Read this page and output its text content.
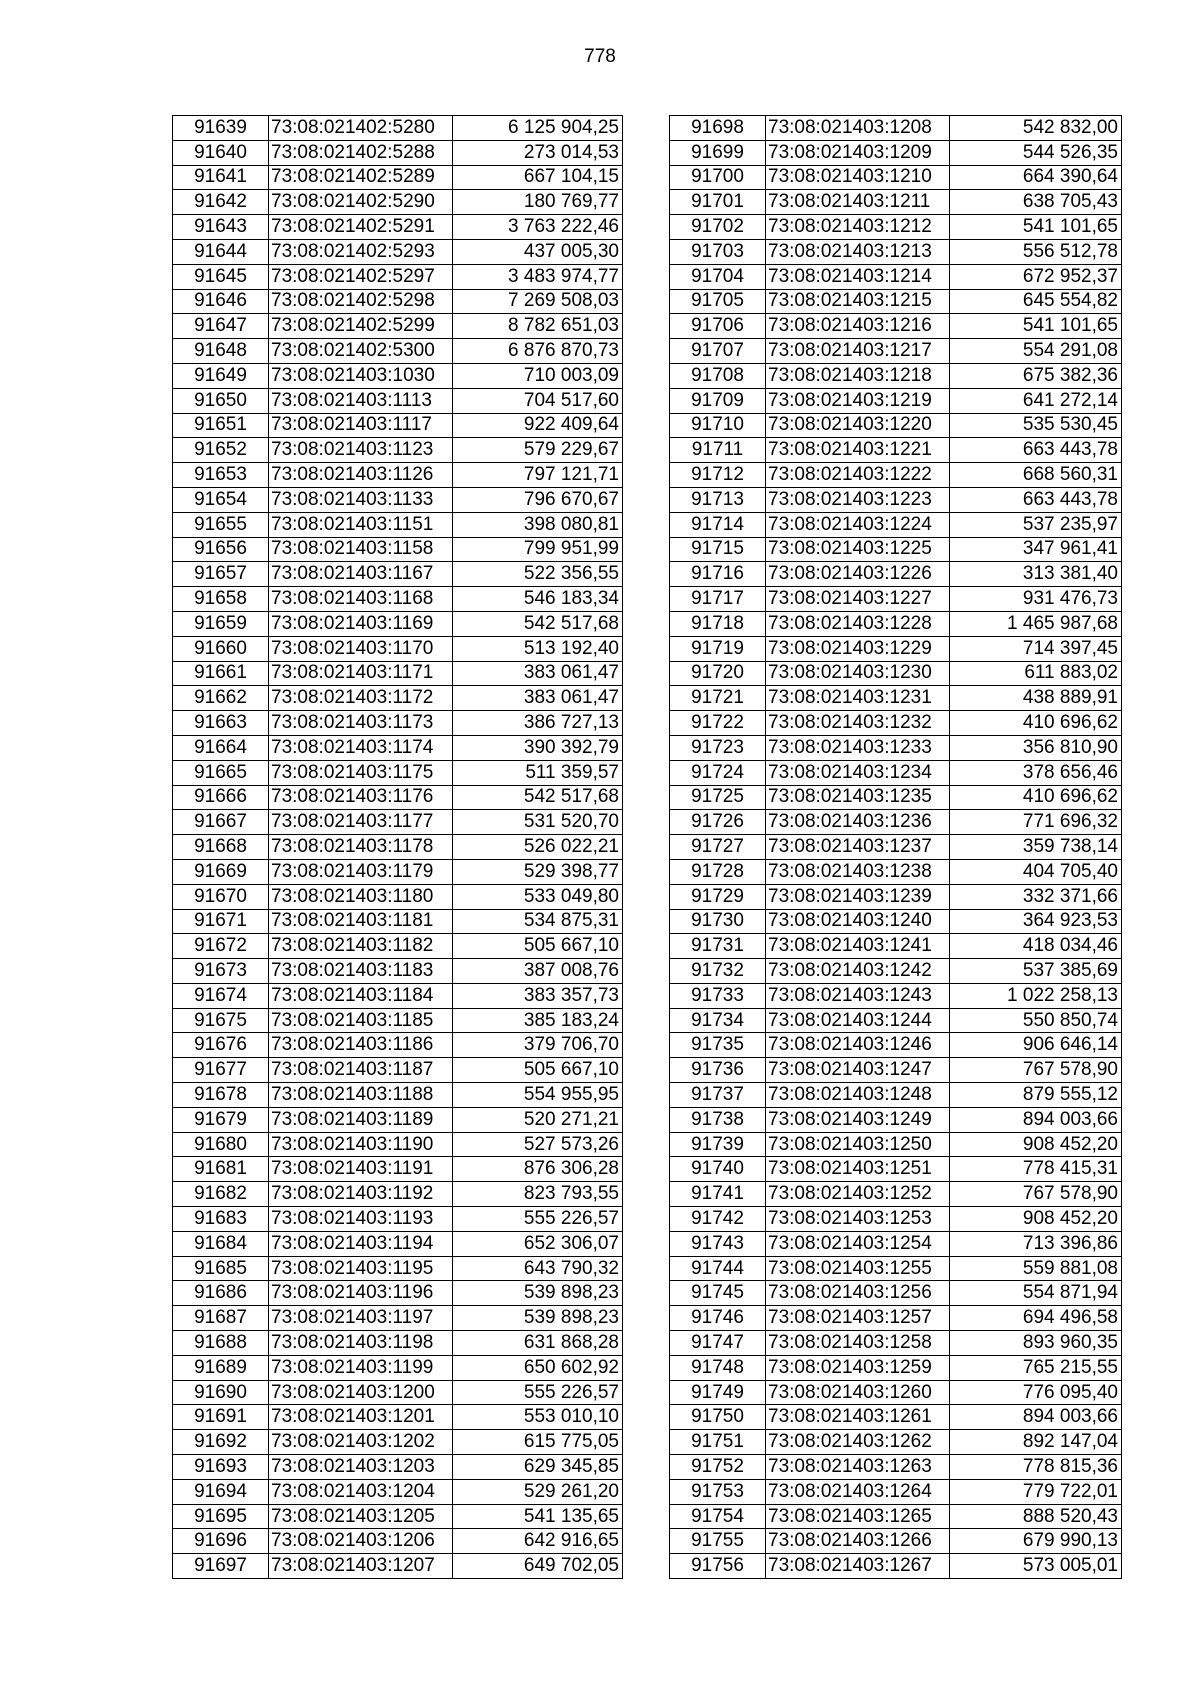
778
91639	73:08:021402:5280	6 125 904,25
91640	73:08:021402:5288	273 014,53
91641	73:08:021402:5289	667 104,15
91642	73:08:021402:5290	180 769,77
91643	73:08:021402:5291	3 763 222,46
91644	73:08:021402:5293	437 005,30
91645	73:08:021402:5297	3 483 974,77
91646	73:08:021402:5298	7 269 508,03
91647	73:08:021402:5299	8 782 651,03
91648	73:08:021402:5300	6 876 870,73
91649	73:08:021403:1030	710 003,09
91650	73:08:021403:1113	704 517,60
91651	73:08:021403:1117	922 409,64
91652	73:08:021403:1123	579 229,67
91653	73:08:021403:1126	797 121,71
91654	73:08:021403:1133	796 670,67
91655	73:08:021403:1151	398 080,81
91656	73:08:021403:1158	799 951,99
91657	73:08:021403:1167	522 356,55
91658	73:08:021403:1168	546 183,34
91659	73:08:021403:1169	542 517,68
91660	73:08:021403:1170	513 192,40
91661	73:08:021403:1171	383 061,47
91662	73:08:021403:1172	383 061,47
91663	73:08:021403:1173	386 727,13
91664	73:08:021403:1174	390 392,79
91665	73:08:021403:1175	511 359,57
91666	73:08:021403:1176	542 517,68
91667	73:08:021403:1177	531 520,70
91668	73:08:021403:1178	526 022,21
91669	73:08:021403:1179	529 398,77
91670	73:08:021403:1180	533 049,80
91671	73:08:021403:1181	534 875,31
91672	73:08:021403:1182	505 667,10
91673	73:08:021403:1183	387 008,76
91674	73:08:021403:1184	383 357,73
91675	73:08:021403:1185	385 183,24
91676	73:08:021403:1186	379 706,70
91677	73:08:021403:1187	505 667,10
91678	73:08:021403:1188	554 955,95
91679	73:08:021403:1189	520 271,21
91680	73:08:021403:1190	527 573,26
91681	73:08:021403:1191	876 306,28
91682	73:08:021403:1192	823 793,55
91683	73:08:021403:1193	555 226,57
91684	73:08:021403:1194	652 306,07
91685	73:08:021403:1195	643 790,32
91686	73:08:021403:1196	539 898,23
91687	73:08:021403:1197	539 898,23
91688	73:08:021403:1198	631 868,28
91689	73:08:021403:1199	650 602,92
91690	73:08:021403:1200	555 226,57
91691	73:08:021403:1201	553 010,10
91692	73:08:021403:1202	615 775,05
91693	73:08:021403:1203	629 345,85
91694	73:08:021403:1204	529 261,20
91695	73:08:021403:1205	541 135,65
91696	73:08:021403:1206	642 916,65
91697	73:08:021403:1207	649 702,05
91698	73:08:021403:1208	542 832,00
91699	73:08:021403:1209	544 526,35
91700	73:08:021403:1210	664 390,64
91701	73:08:021403:1211	638 705,43
91702	73:08:021403:1212	541 101,65
91703	73:08:021403:1213	556 512,78
91704	73:08:021403:1214	672 952,37
91705	73:08:021403:1215	645 554,82
91706	73:08:021403:1216	541 101,65
91707	73:08:021403:1217	554 291,08
91708	73:08:021403:1218	675 382,36
91709	73:08:021403:1219	641 272,14
91710	73:08:021403:1220	535 530,45
91711	73:08:021403:1221	663 443,78
91712	73:08:021403:1222	668 560,31
91713	73:08:021403:1223	663 443,78
91714	73:08:021403:1224	537 235,97
91715	73:08:021403:1225	347 961,41
91716	73:08:021403:1226	313 381,40
91717	73:08:021403:1227	931 476,73
91718	73:08:021403:1228	1 465 987,68
91719	73:08:021403:1229	714 397,45
91720	73:08:021403:1230	611 883,02
91721	73:08:021403:1231	438 889,91
91722	73:08:021403:1232	410 696,62
91723	73:08:021403:1233	356 810,90
91724	73:08:021403:1234	378 656,46
91725	73:08:021403:1235	410 696,62
91726	73:08:021403:1236	771 696,32
91727	73:08:021403:1237	359 738,14
91728	73:08:021403:1238	404 705,40
91729	73:08:021403:1239	332 371,66
91730	73:08:021403:1240	364 923,53
91731	73:08:021403:1241	418 034,46
91732	73:08:021403:1242	537 385,69
91733	73:08:021403:1243	1 022 258,13
91734	73:08:021403:1244	550 850,74
91735	73:08:021403:1246	906 646,14
91736	73:08:021403:1247	767 578,90
91737	73:08:021403:1248	879 555,12
91738	73:08:021403:1249	894 003,66
91739	73:08:021403:1250	908 452,20
91740	73:08:021403:1251	778 415,31
91741	73:08:021403:1252	767 578,90
91742	73:08:021403:1253	908 452,20
91743	73:08:021403:1254	713 396,86
91744	73:08:021403:1255	559 881,08
91745	73:08:021403:1256	554 871,94
91746	73:08:021403:1257	694 496,58
91747	73:08:021403:1258	893 960,35
91748	73:08:021403:1259	765 215,55
91749	73:08:021403:1260	776 095,40
91750	73:08:021403:1261	894 003,66
91751	73:08:021403:1262	892 147,04
91752	73:08:021403:1263	778 815,36
91753	73:08:021403:1264	779 722,01
91754	73:08:021403:1265	888 520,43
91755	73:08:021403:1266	679 990,13
91756	73:08:021403:1267	573 005,01
